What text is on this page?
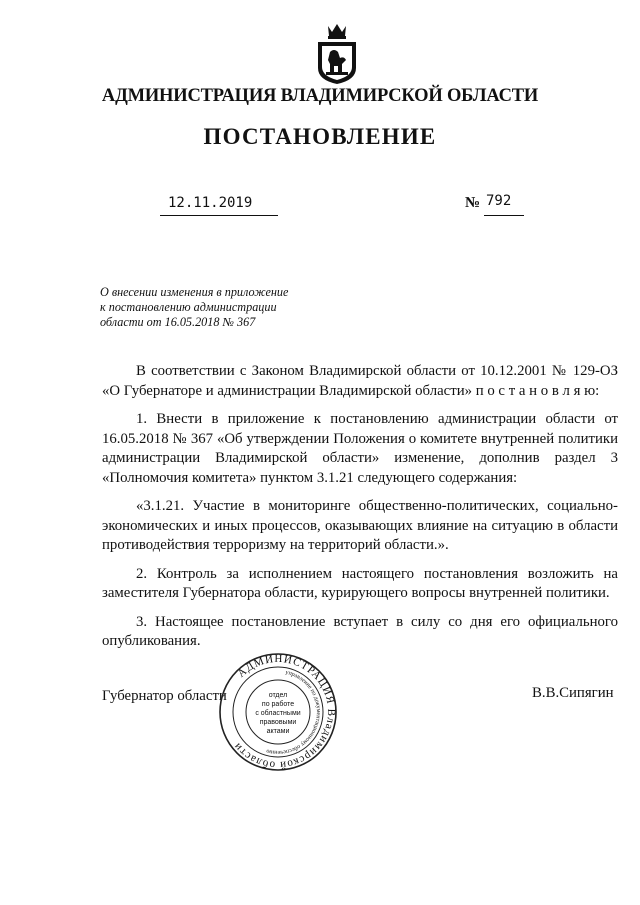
АДМИНИСТРАЦИЯ ВЛАДИМИРСКОЙ ОБЛАСТИ
ПОСТАНОВЛЕНИЕ
12.11.2019	№ 792
О внесении изменения в приложение
к постановлению администрации
области от 16.05.2018 № 367

В соответствии с Законом Владимирской области от 10.12.2001 № 129-ОЗ «О Губернаторе и администрации Владимирской области» п о с т а н о в л я ю:

1. Внести в приложение к постановлению администрации области от 16.05.2018 № 367 «Об утверждении Положения о комитете внутренней политики администрации Владимирской области» изменение, дополнив раздел 3 «Полномочия комитета» пунктом 3.1.21 следующего содержания:

«3.1.21. Участие в мониторинге общественно-политических, социально-экономических и иных процессов, оказывающих влияние на ситуацию в области противодействия терроризму на территорий области.».

2. Контроль за исполнением настоящего постановления возложить на заместителя Губернатора области, курирующего вопросы внутренней политики.

3. Настоящее постановление вступает в силу со дня его официального опубликования.

Губернатор области	В.В.Сипягин
АДМИНИСТРАЦИЯ Владимирской области
управление по документационному обеспечению
отдел
по работе
с областными
правовыми
актами
